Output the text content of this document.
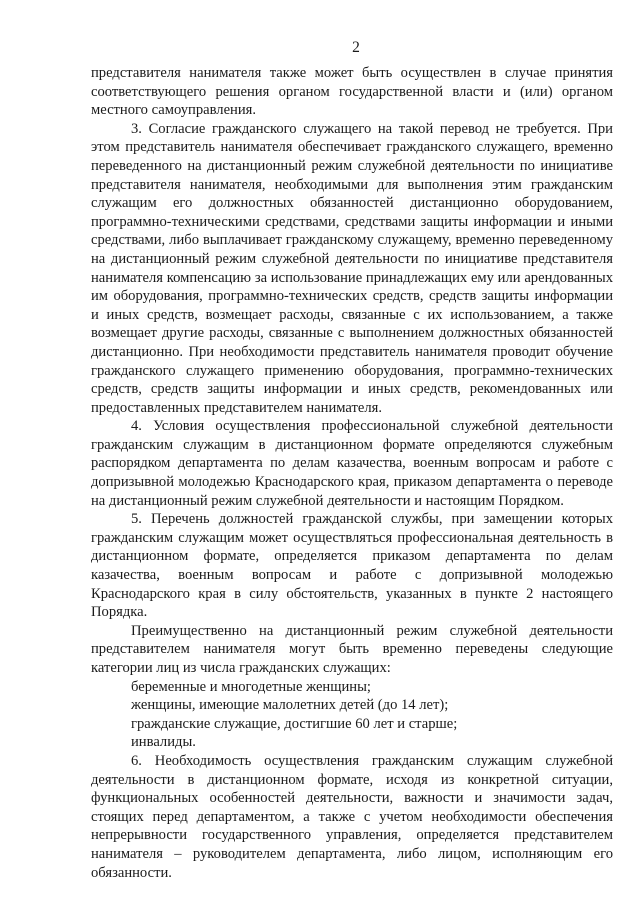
2

представителя нанимателя также может быть осуществлен в случае принятия соответствующего решения органом государственной власти и (или) органом местного самоуправления.

3. Согласие гражданского служащего на такой перевод не требуется. При этом представитель нанимателя обеспечивает гражданского служащего, временно переведенного на дистанционный режим служебной деятельности по инициативе представителя нанимателя, необходимыми для выполнения этим гражданским служащим его должностных обязанностей дистанционно оборудованием, программно-техническими средствами, средствами защиты информации и иными средствами, либо выплачивает гражданскому служащему, временно переведенному на дистанционный режим служебной деятельности по инициативе представителя нанимателя компенсацию за использование принадлежащих ему или арендованных им оборудования, программно-технических средств, средств защиты информации и иных средств, возмещает расходы, связанные с их использованием, а также возмещает другие расходы, связанные с выполнением должностных обязанностей дистанционно. При необходимости представитель нанимателя проводит обучение гражданского служащего применению оборудования, программно-технических средств, средств защиты информации и иных средств, рекомендованных или предоставленных представителем нанимателя.

4. Условия осуществления профессиональной служебной деятельности гражданским служащим в дистанционном формате определяются служебным распорядком департамента по делам казачества, военным вопросам и работе с допризывной молодежью Краснодарского края, приказом департамента о переводе на дистанционный режим служебной деятельности и настоящим Порядком.

5. Перечень должностей гражданской службы, при замещении которых гражданским служащим может осуществляться профессиональная деятельность в дистанционном формате, определяется приказом департамента по делам казачества, военным вопросам и работе с допризывной молодежью Краснодарского края в силу обстоятельств, указанных в пункте 2 настоящего Порядка.

Преимущественно на дистанционный режим служебной деятельности представителем нанимателя могут быть временно переведены следующие категории лиц из числа гражданских служащих:

беременные и многодетные женщины;

женщины, имеющие малолетних детей (до 14 лет);

гражданские служащие, достигшие 60 лет и старше;

инвалиды.

6. Необходимость осуществления гражданским служащим служебной деятельности в дистанционном формате, исходя из конкретной ситуации, функциональных особенностей деятельности, важности и значимости задач, стоящих перед департаментом, а также с учетом необходимости обеспечения непрерывности государственного управления, определяется представителем нанимателя – руководителем департамента, либо лицом, исполняющим его обязанности.
